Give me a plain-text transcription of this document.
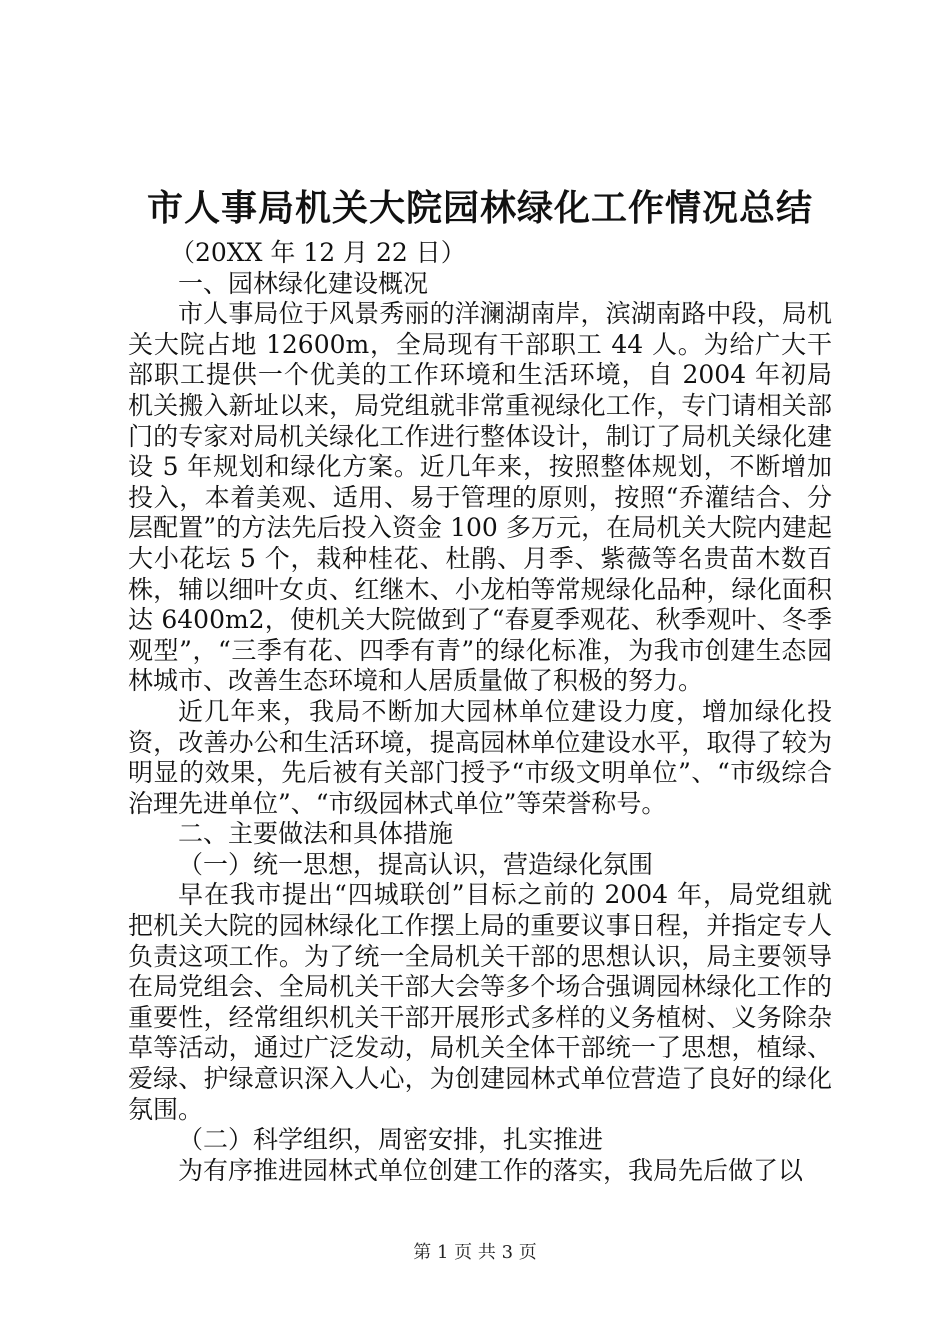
市人事局机关大院园林绿化工作情况总结

（20XX 年 12 月 22 日）

一、园林绿化建设概况

市人事局位于风景秀丽的洋澜湖南岸，滨湖南路中段，局机关大院占地 12600m，全局现有干部职工 44 人。为给广大干部职工提供一个优美的工作环境和生活环境，自 2004 年初局机关搬入新址以来，局党组就非常重视绿化工作，专门请相关部门的专家对局机关绿化工作进行整体设计，制订了局机关绿化建设 5 年规划和绿化方案。近几年来，按照整体规划，不断增加投入，本着美观、适用、易于管理的原则，按照“乔灌结合、分层配置”的方法先后投入资金 100 多万元，在局机关大院内建起大小花坛 5 个，栽种桂花、杜鹃、月季、紫薇等名贵苗木数百株，辅以细叶女贞、红继木、小龙柏等常规绿化品种，绿化面积达 6400m2，使机关大院做到了“春夏季观花、秋季观叶、冬季观型”，“三季有花、四季有青”的绿化标准，为我市创建生态园林城市、改善生态环境和人居质量做了积极的努力。

近几年来，我局不断加大园林单位建设力度，增加绿化投资，改善办公和生活环境，提高园林单位建设水平，取得了较为明显的效果，先后被有关部门授予“市级文明单位”、“市级综合治理先进单位”、“市级园林式单位”等荣誉称号。

二、主要做法和具体措施

（一）统一思想，提高认识，营造绿化氛围

早在我市提出“四城联创”目标之前的 2004 年，局党组就把机关大院的园林绿化工作摆上局的重要议事日程，并指定专人负责这项工作。为了统一全局机关干部的思想认识，局主要领导在局党组会、全局机关干部大会等多个场合强调园林绿化工作的重要性，经常组织机关干部开展形式多样的义务植树、义务除杂草等活动，通过广泛发动，局机关全体干部统一了思想，植绿、爱绿、护绿意识深入人心，为创建园林式单位营造了良好的绿化氛围。

（二）科学组织，周密安排，扎实推进

为有序推进园林式单位创建工作的落实，我局先后做了以

第 1 页 共 3 页
